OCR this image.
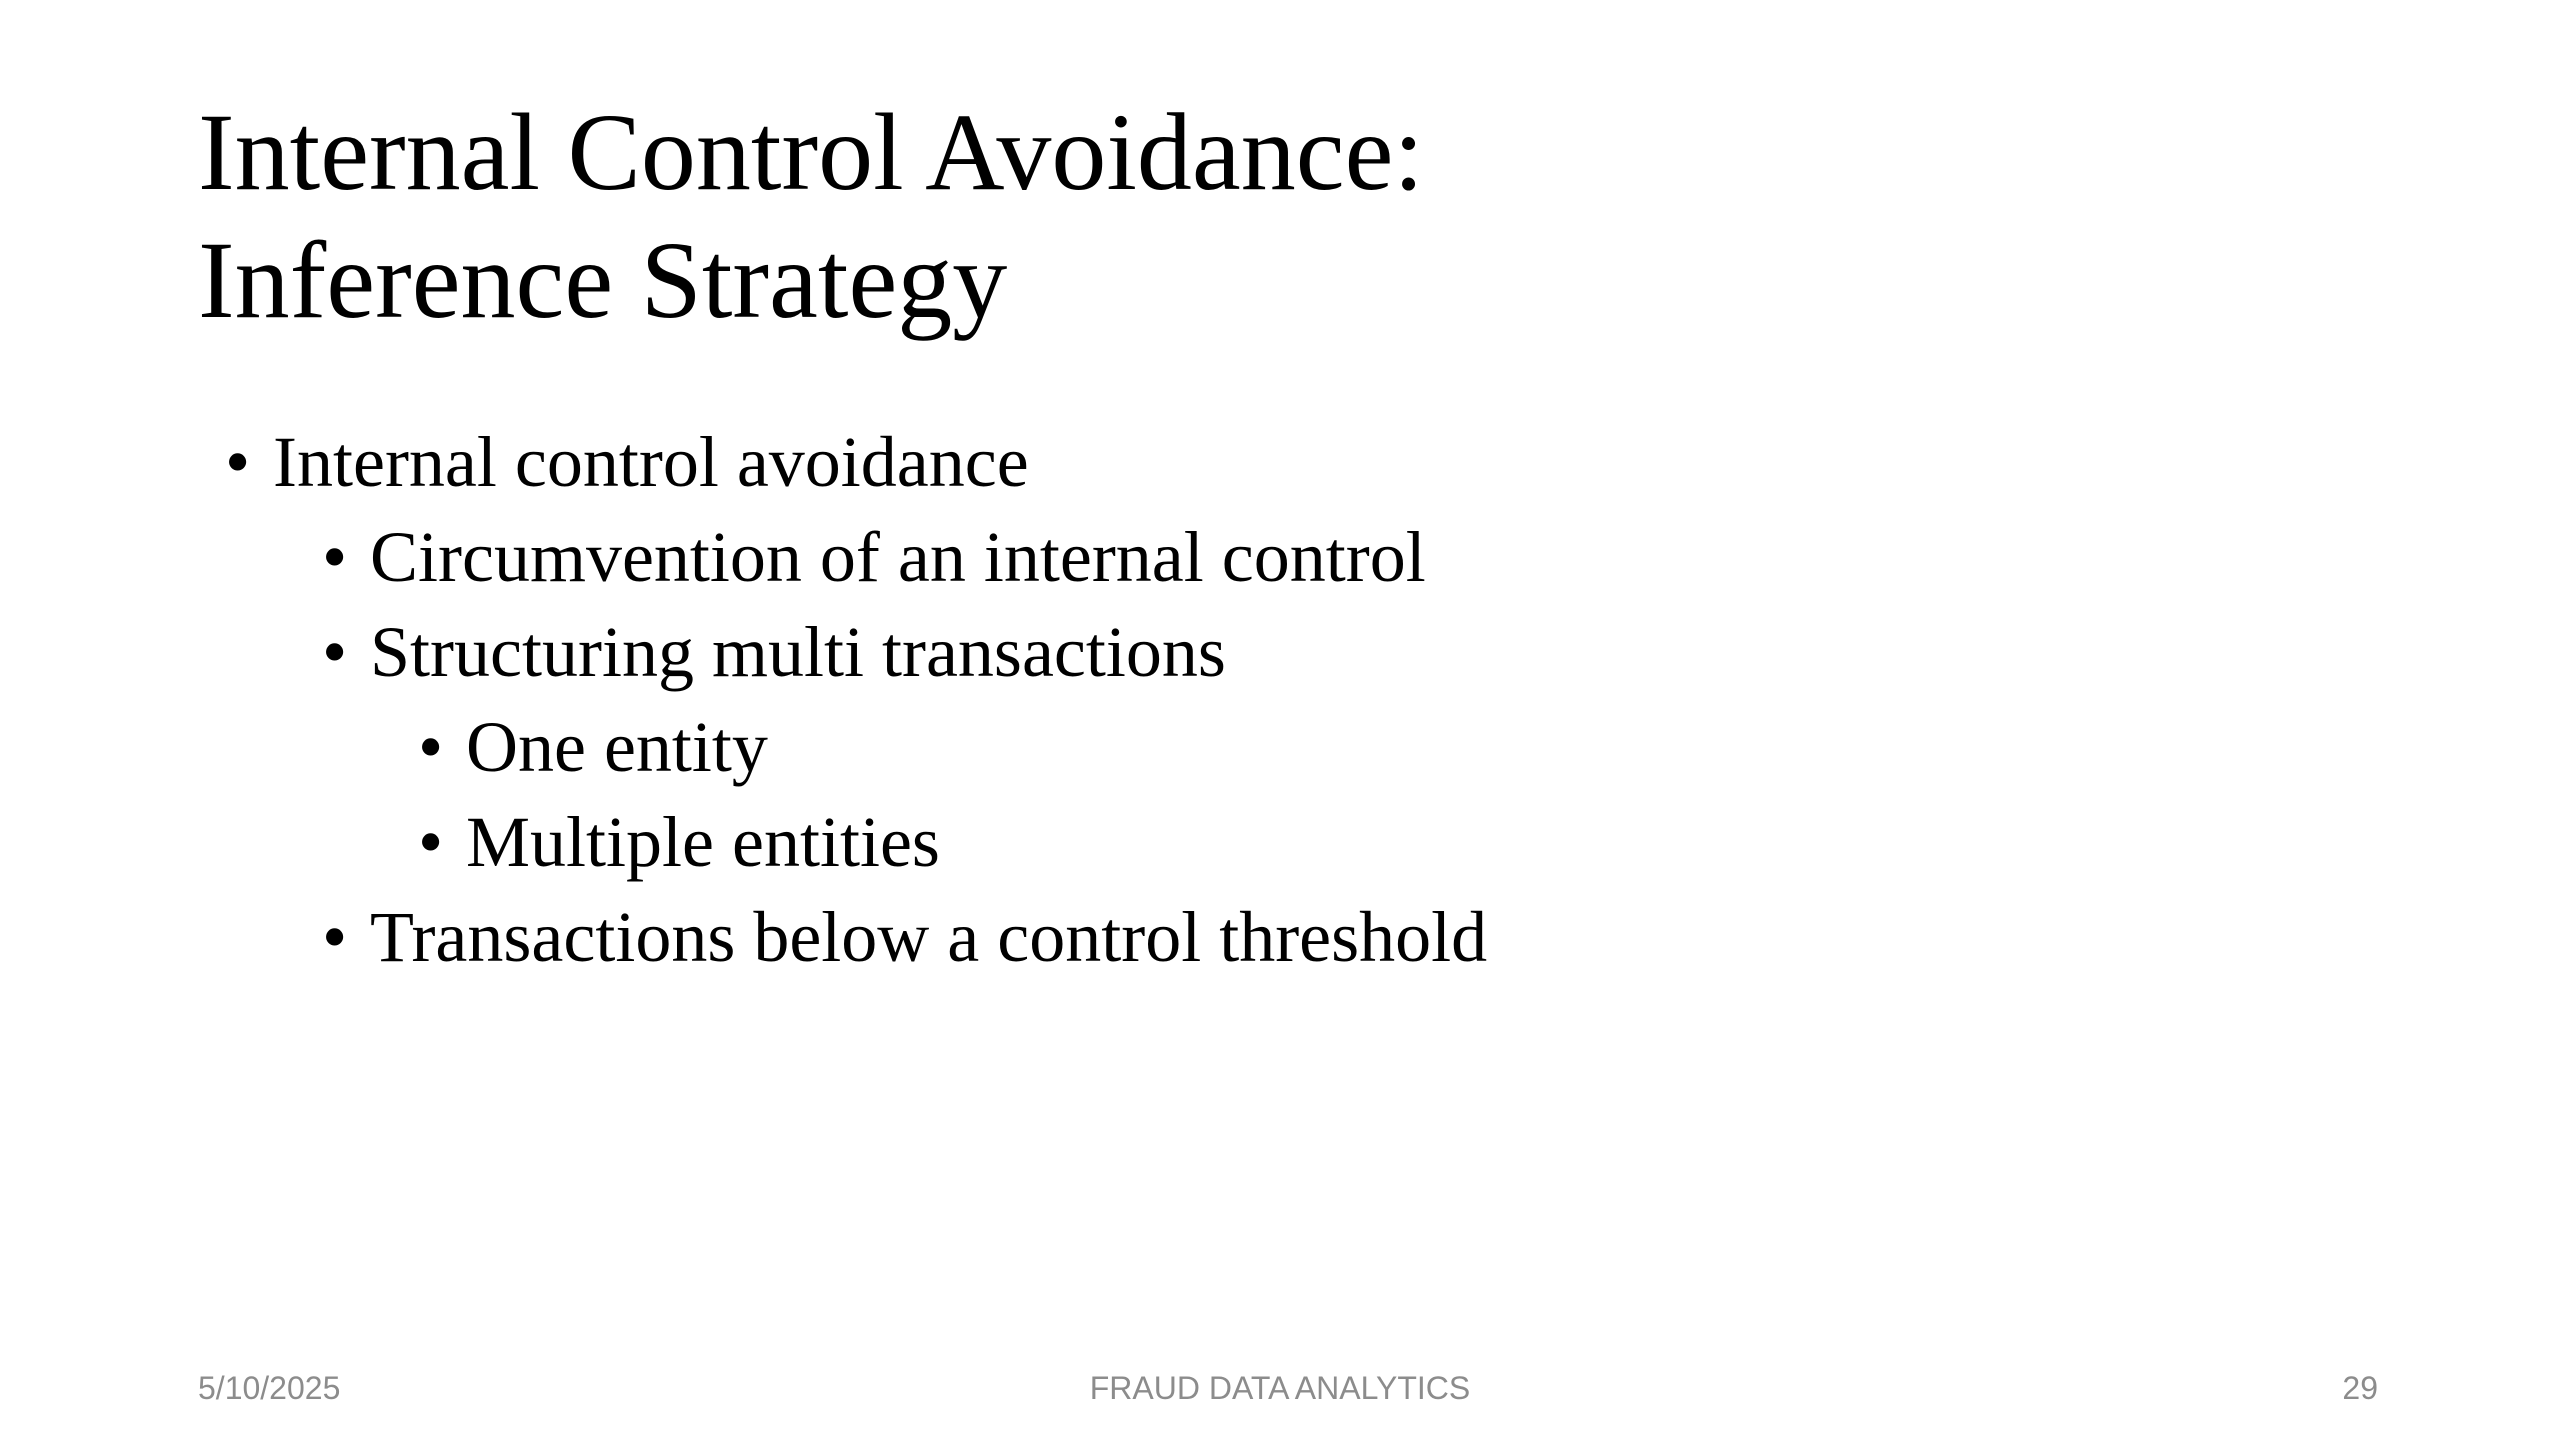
Internal Control Avoidance:
Inference Strategy
• Internal control avoidance
• Circumvention of an internal control
• Structuring multi transactions
• One entity
• Multiple entities
• Transactions below a control threshold
5/10/2025	FRAUD DATA ANALYTICS	29
